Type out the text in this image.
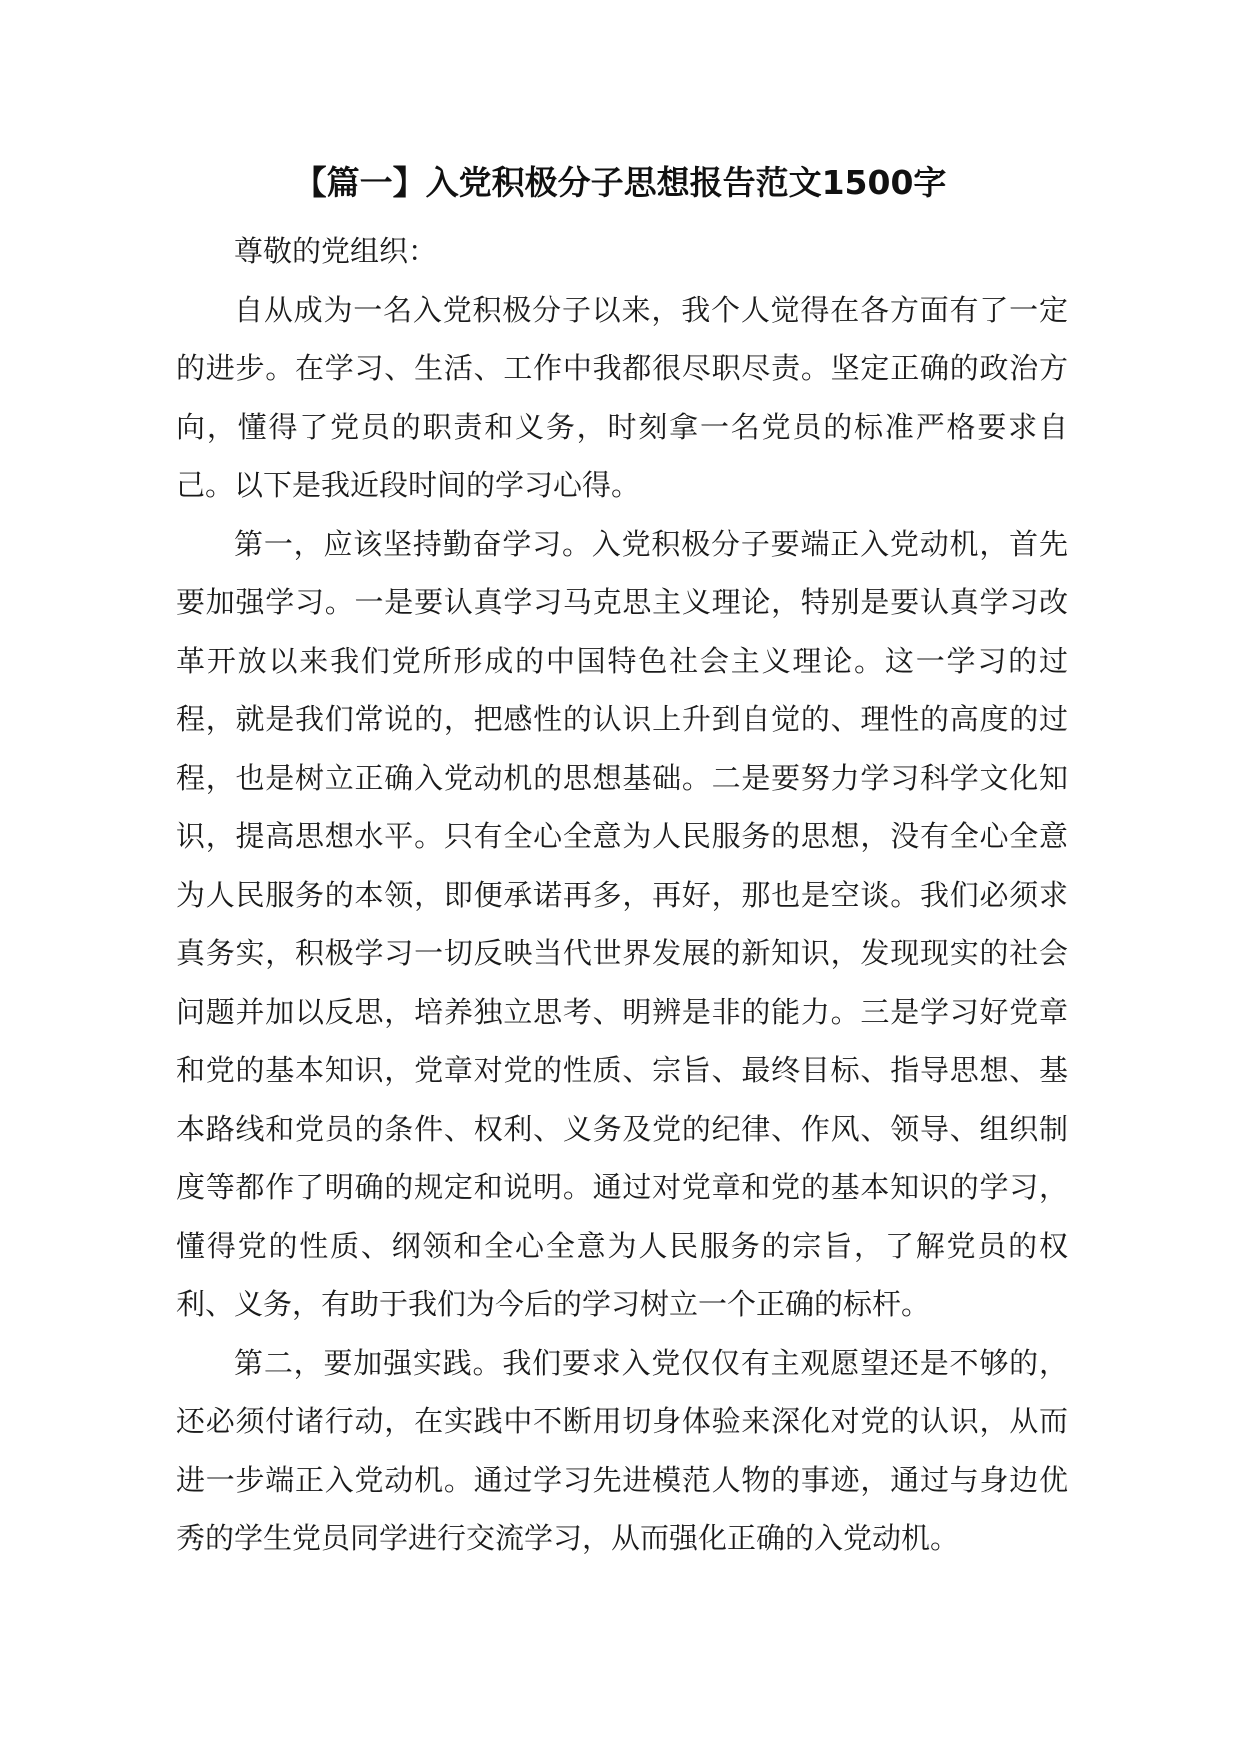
【篇一】入党积极分子思想报告范文1500字

尊敬的党组织：

自从成为一名入党积极分子以来，我个人觉得在各方面有了一定的进步。在学习、生活、工作中我都很尽职尽责。坚定正确的政治方向，懂得了党员的职责和义务，时刻拿一名党员的标准严格要求自己。以下是我近段时间的学习心得。

第一，应该坚持勤奋学习。入党积极分子要端正入党动机，首先要加强学习。一是要认真学习马克思主义理论，特别是要认真学习改革开放以来我们党所形成的中国特色社会主义理论。这一学习的过程，就是我们常说的，把感性的认识上升到自觉的、理性的高度的过程，也是树立正确入党动机的思想基础。二是要努力学习科学文化知识，提高思想水平。只有全心全意为人民服务的思想，没有全心全意为人民服务的本领，即便承诺再多，再好，那也是空谈。我们必须求真务实，积极学习一切反映当代世界发展的新知识，发现现实的社会问题并加以反思，培养独立思考、明辨是非的能力。三是学习好党章和党的基本知识，党章对党的性质、宗旨、最终目标、指导思想、基本路线和党员的条件、权利、义务及党的纪律、作风、领导、组织制度等都作了明确的规定和说明。通过对党章和党的基本知识的学习，懂得党的性质、纲领和全心全意为人民服务的宗旨，了解党员的权利、义务，有助于我们为今后的学习树立一个正确的标杆。

第二，要加强实践。我们要求入党仅仅有主观愿望还是不够的，还必须付诸行动，在实践中不断用切身体验来深化对党的认识，从而进一步端正入党动机。通过学习先进模范人物的事迹，通过与身边优秀的学生党员同学进行交流学习，从而强化正确的入党动机。
